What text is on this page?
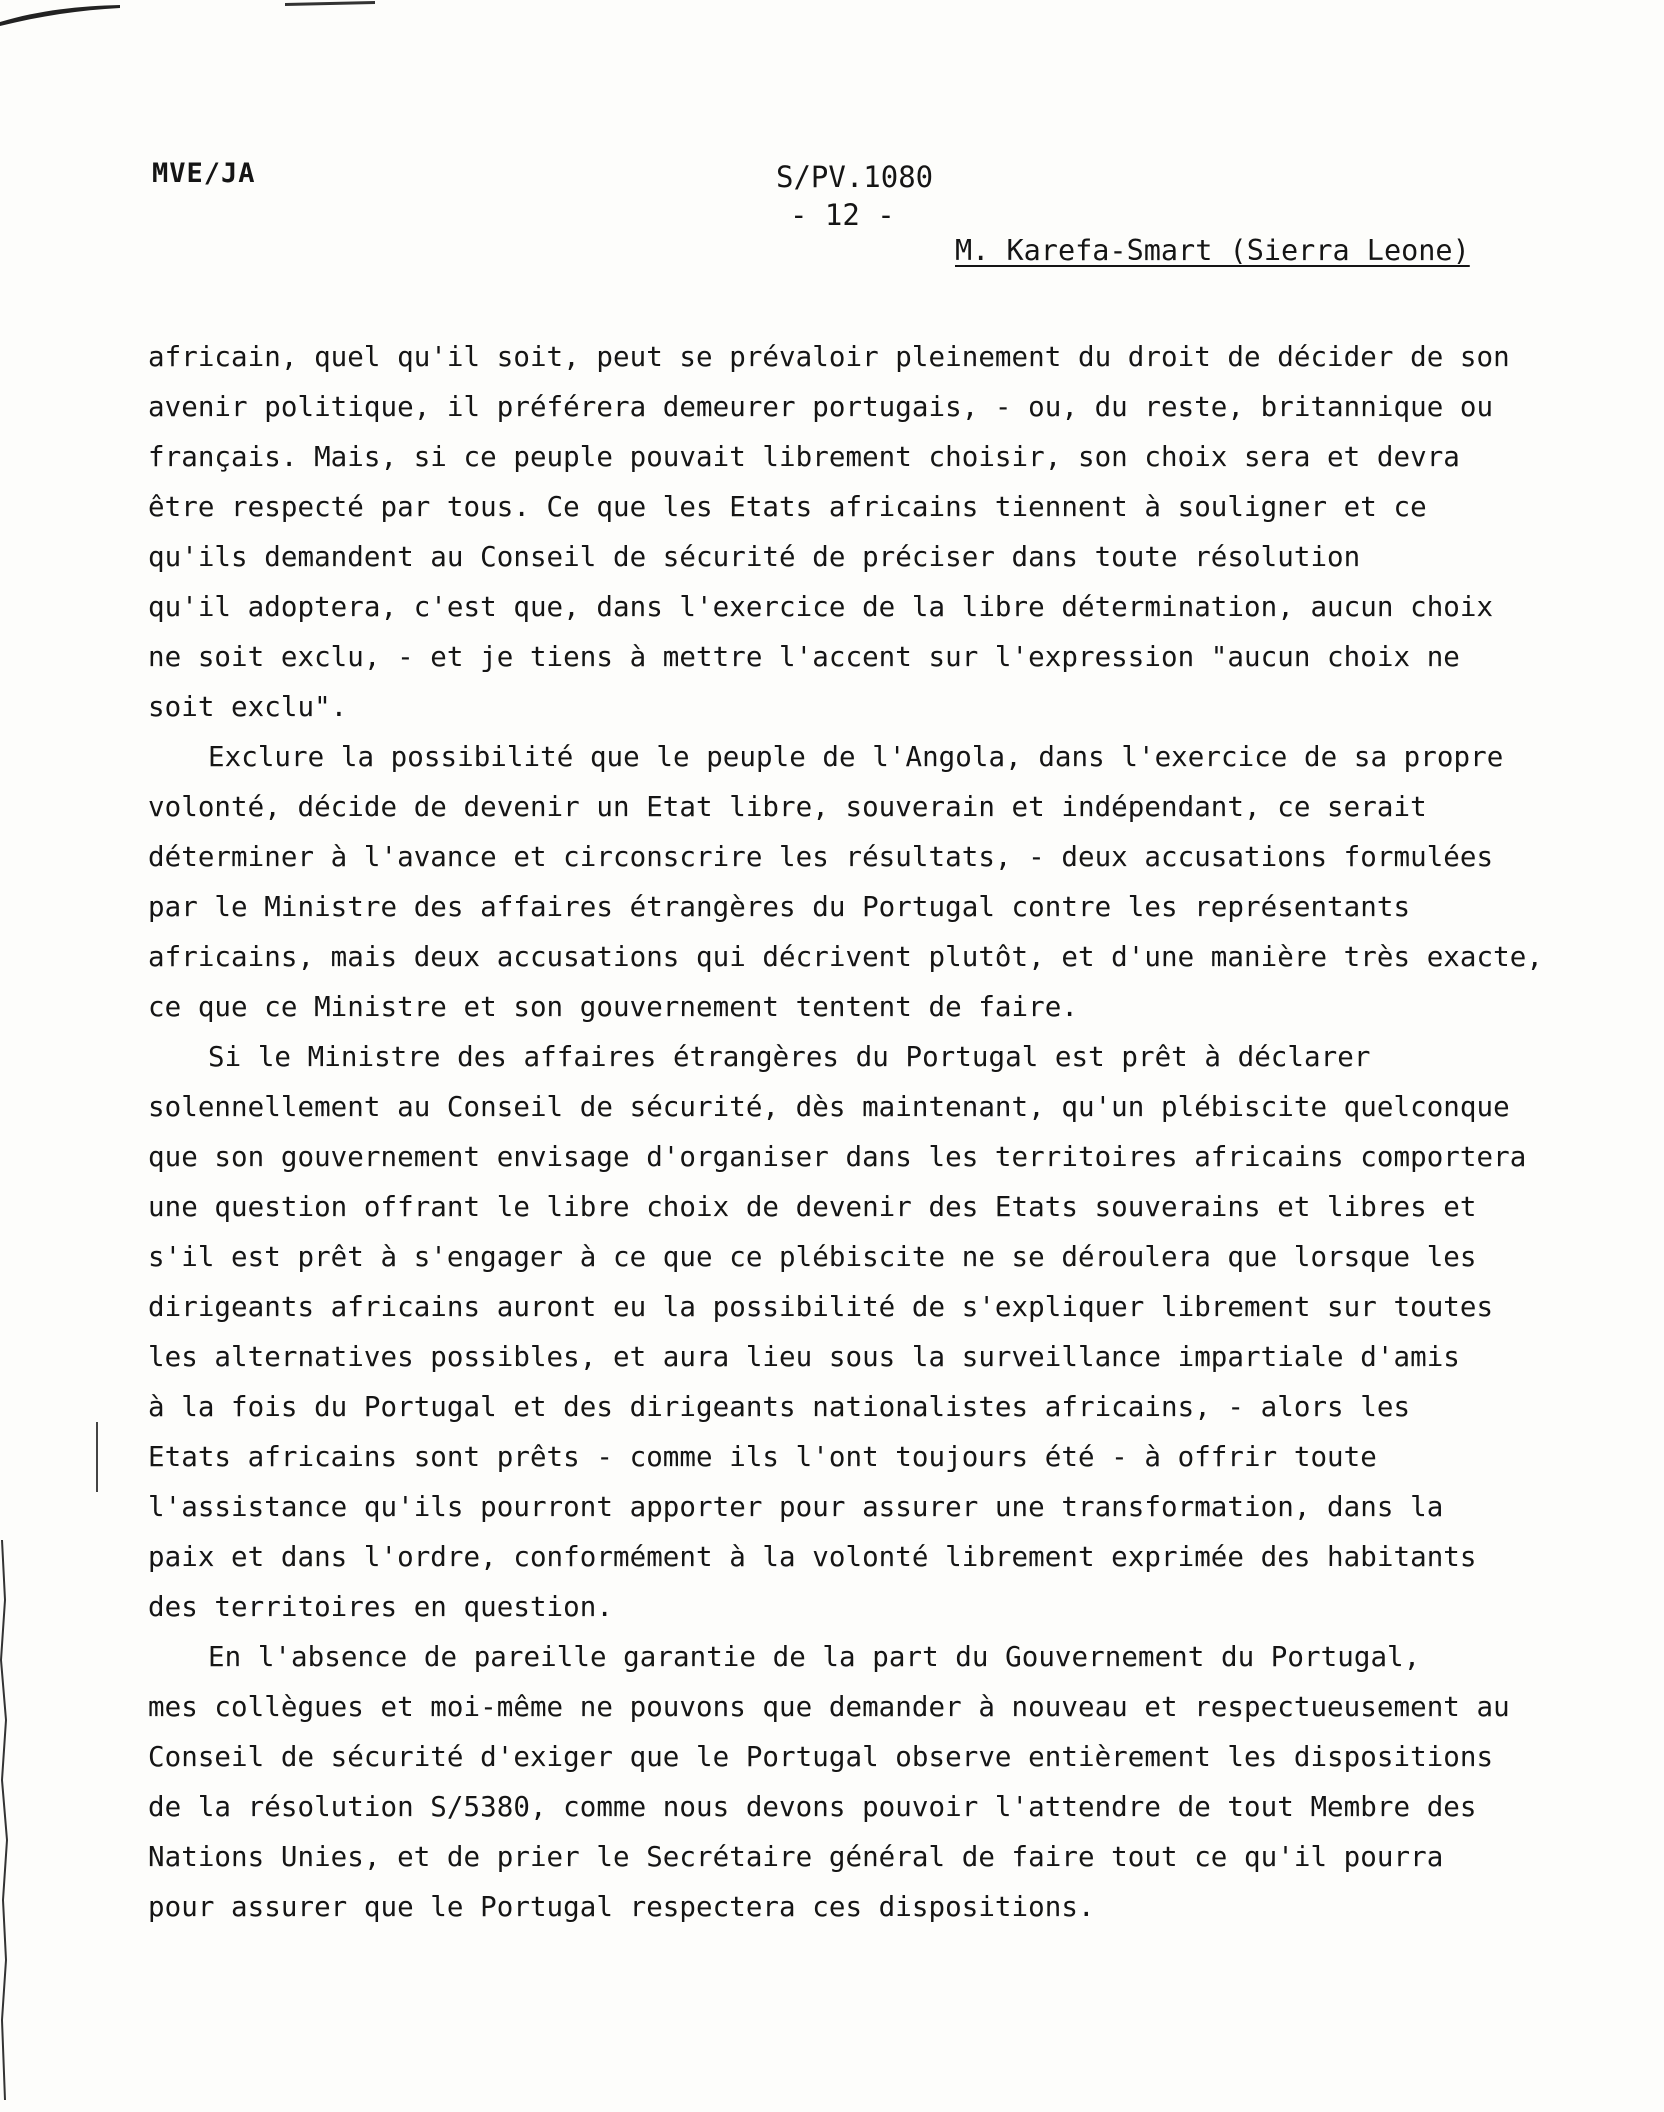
MVE/JA	S/PV.1080
- 12 -
M. Karefa-Smart (Sierra Leone)
africain, quel qu'il soit, peut se prévaloir pleinement du droit de décider de son
avenir politique, il préférera demeurer portugais, - ou, du reste, britannique ou
français. Mais, si ce peuple pouvait librement choisir, son choix sera et devra
être respecté par tous. Ce que les Etats africains tiennent à souligner et ce
qu'ils demandent au Conseil de sécurité de préciser dans toute résolution
qu'il adoptera, c'est que, dans l'exercice de la libre détermination, aucun choix
ne soit exclu, - et je tiens à mettre l'accent sur l'expression "aucun choix ne
soit exclu".
Exclure la possibilité que le peuple de l'Angola, dans l'exercice de sa propre
volonté, décide de devenir un Etat libre, souverain et indépendant, ce serait
déterminer à l'avance et circonscrire les résultats, - deux accusations formulées
par le Ministre des affaires étrangères du Portugal contre les représentants
africains, mais deux accusations qui décrivent plutôt, et d'une manière très exacte,
ce que ce Ministre et son gouvernement tentent de faire.
Si le Ministre des affaires étrangères du Portugal est prêt à déclarer
solennellement au Conseil de sécurité, dès maintenant, qu'un plébiscite quelconque
que son gouvernement envisage d'organiser dans les territoires africains comportera
une question offrant le libre choix de devenir des Etats souverains et libres et
s'il est prêt à s'engager à ce que ce plébiscite ne se déroulera que lorsque les
dirigeants africains auront eu la possibilité de s'expliquer librement sur toutes
les alternatives possibles, et aura lieu sous la surveillance impartiale d'amis
à la fois du Portugal et des dirigeants nationalistes africains, - alors les
Etats africains sont prêts - comme ils l'ont toujours été - à offrir toute
l'assistance qu'ils pourront apporter pour assurer une transformation, dans la
paix et dans l'ordre, conformément à la volonté librement exprimée des habitants
des territoires en question.
En l'absence de pareille garantie de la part du Gouvernement du Portugal,
mes collègues et moi-même ne pouvons que demander à nouveau et respectueusement au
Conseil de sécurité d'exiger que le Portugal observe entièrement les dispositions
de la résolution S/5380, comme nous devons pouvoir l'attendre de tout Membre des
Nations Unies, et de prier le Secrétaire général de faire tout ce qu'il pourra
pour assurer que le Portugal respectera ces dispositions.
